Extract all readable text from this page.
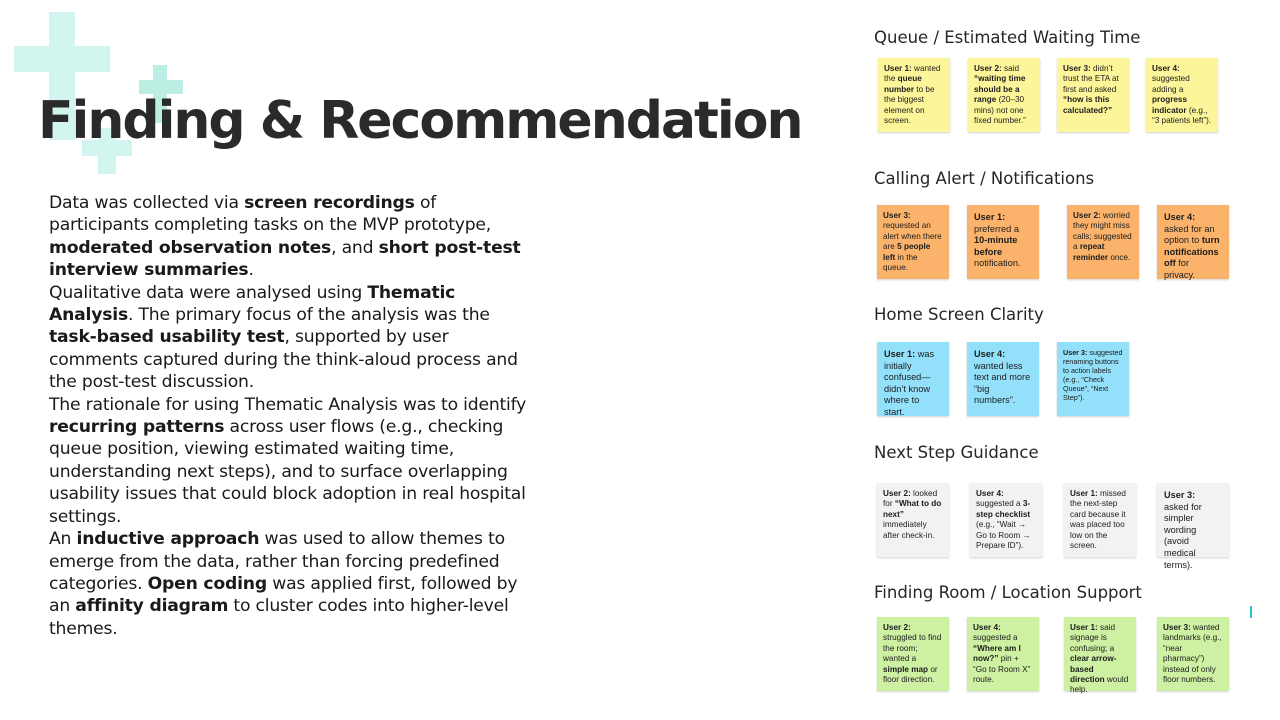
Finding & Recommendation

Data was collected via screen recordings of participants completing tasks on the MVP prototype, moderated observation notes, and short post-test interview summaries.

Qualitative data were analysed using Thematic Analysis. The primary focus of the analysis was the task-based usability test, supported by user comments captured during the think-aloud process and the post-test discussion.

The rationale for using Thematic Analysis was to identify recurring patterns across user flows (e.g., checking queue position, viewing estimated waiting time, understanding next steps), and to surface overlapping usability issues that could block adoption in real hospital settings.

An inductive approach was used to allow themes to emerge from the data, rather than forcing predefined categories. Open coding was applied first, followed by an affinity diagram to cluster codes into higher-level themes.

Queue / Estimated Waiting Time
User 1: wanted the queue number to be the biggest element on screen.
User 2: said “waiting time should be a range (20–30 mins) not one fixed number.”
User 3: didn’t trust the ETA at first and asked “how is this calculated?”
User 4: suggested adding a progress indicator (e.g., “3 patients left”).
Calling Alert / Notifications
User 3: requested an alert when there are 5 people left in the queue.
User 1: preferred a 10-minute before notification.
User 2: worried they might miss calls; suggested a repeat reminder once.
User 4: asked for an option to turn notifications off for privacy.
Home Screen Clarity
User 1: was initially confused—didn’t know where to start.
User 4: wanted less text and more “big numbers”.
User 3: suggested renaming buttons to action labels (e.g., “Check Queue”, “Next Step”).
Next Step Guidance
User 2: looked for “What to do next” immediately after check-in.
User 4: suggested a 3-step checklist (e.g., “Wait → Go to Room → Prepare ID”).
User 1: missed the next-step card because it was placed too low on the screen.
User 3: asked for simpler wording (avoid medical terms).
Finding Room / Location Support
User 2: struggled to find the room; wanted a simple map or floor direction.
User 4: suggested a “Where am I now?” pin + “Go to Room X” route.
User 1: said signage is confusing; a clear arrow-based direction would help.
User 3: wanted landmarks (e.g., “near pharmacy”) instead of only floor numbers.
